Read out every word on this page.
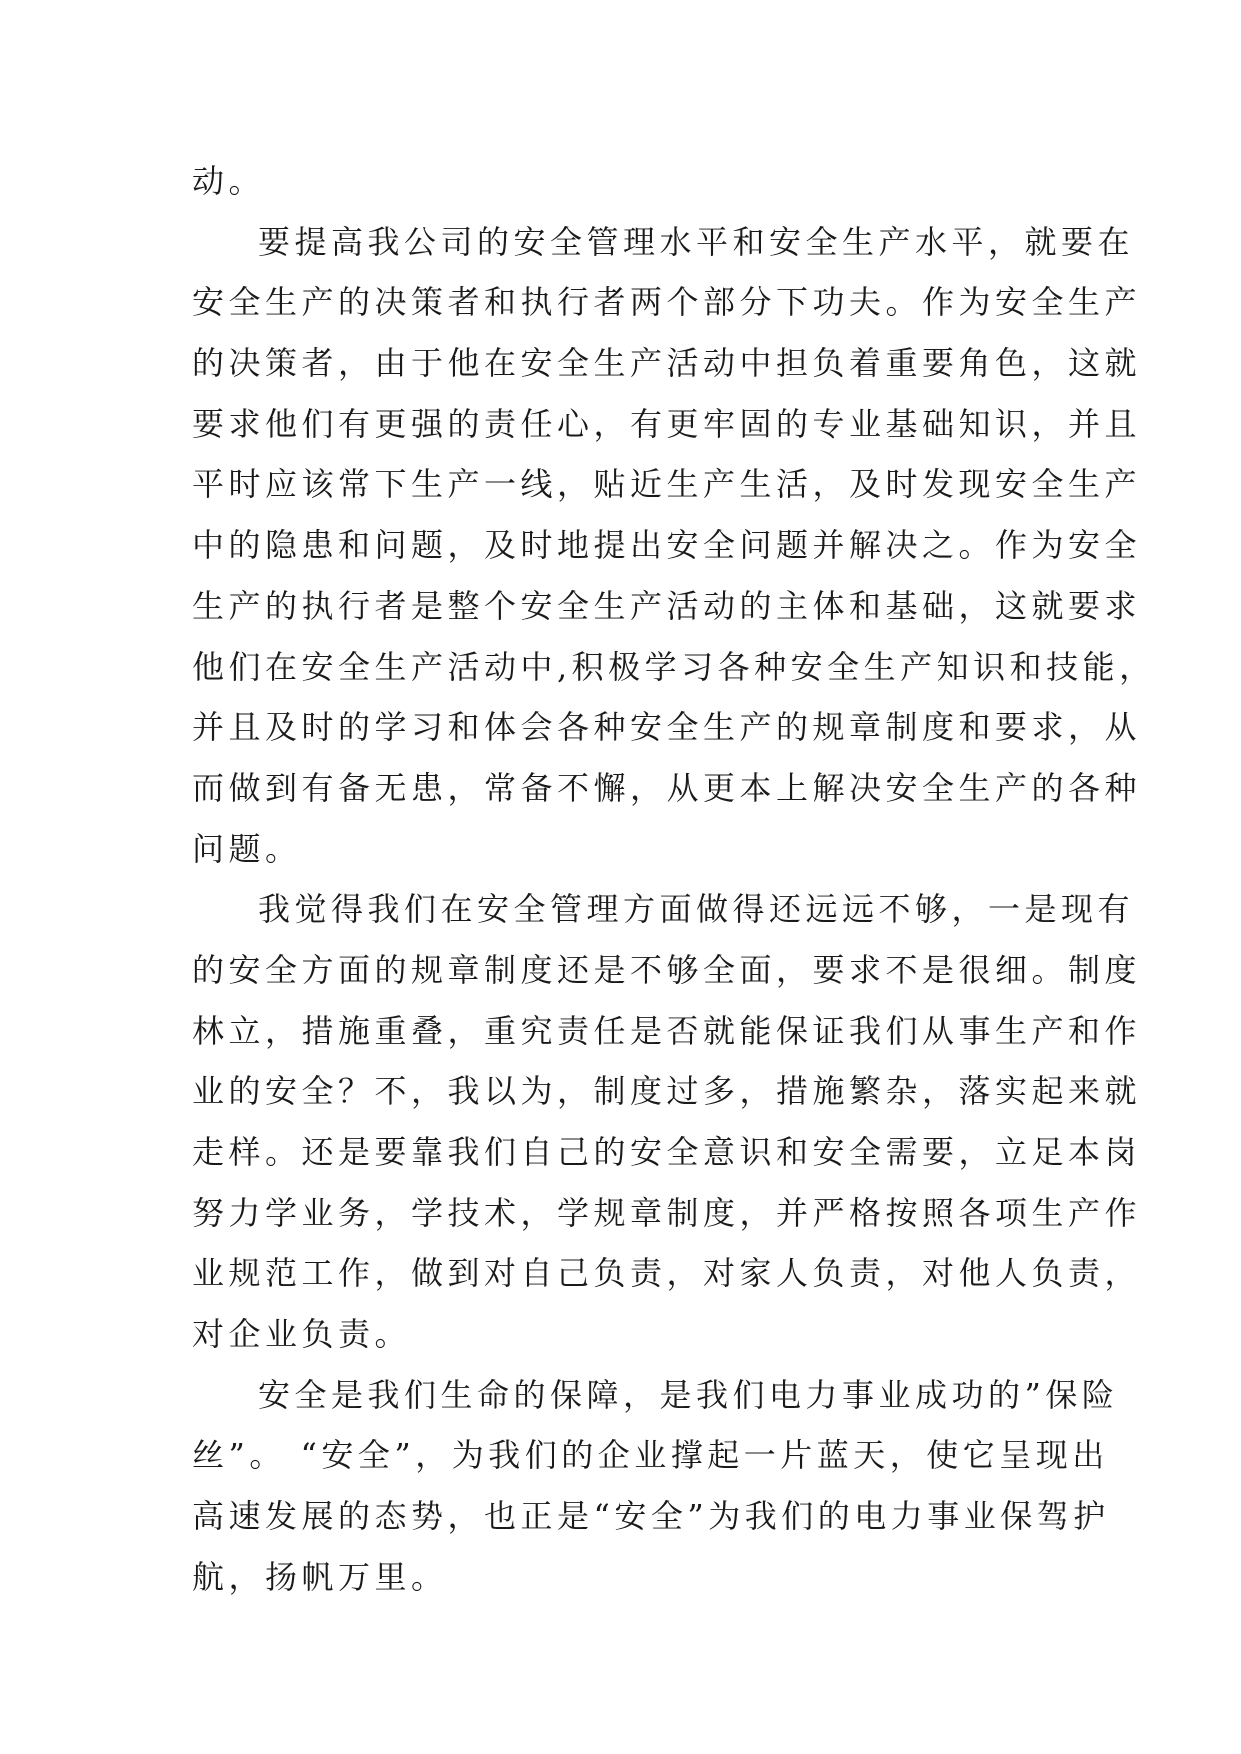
动。
要提高我公司的安全管理水平和安全生产水平，就要在
安全生产的决策者和执行者两个部分下功夫。作为安全生产
的决策者，由于他在安全生产活动中担负着重要角色，这就
要求他们有更强的责任心，有更牢固的专业基础知识，并且
平时应该常下生产一线，贴近生产生活，及时发现安全生产
中的隐患和问题，及时地提出安全问题并解决之。作为安全
生产的执行者是整个安全生产活动的主体和基础，这就要求
他们在安全生产活动中,积极学习各种安全生产知识和技能，
并且及时的学习和体会各种安全生产的规章制度和要求，从
而做到有备无患，常备不懈，从更本上解决安全生产的各种
问题。
我觉得我们在安全管理方面做得还远远不够，一是现有
的安全方面的规章制度还是不够全面，要求不是很细。制度
林立，措施重叠，重究责任是否就能保证我们从事生产和作
业的安全？不，我以为，制度过多，措施繁杂，落实起来就
走样。还是要靠我们自己的安全意识和安全需要，立足本岗
努力学业务，学技术，学规章制度，并严格按照各项生产作
业规范工作，做到对自己负责，对家人负责，对他人负责，
对企业负责。
安全是我们生命的保障，是我们电力事业成功的”保险
丝”。 “安全”，为我们的企业撑起一片蓝天，使它呈现出
高速发展的态势，也正是“安全”为我们的电力事业保驾护
航，扬帆万里。
